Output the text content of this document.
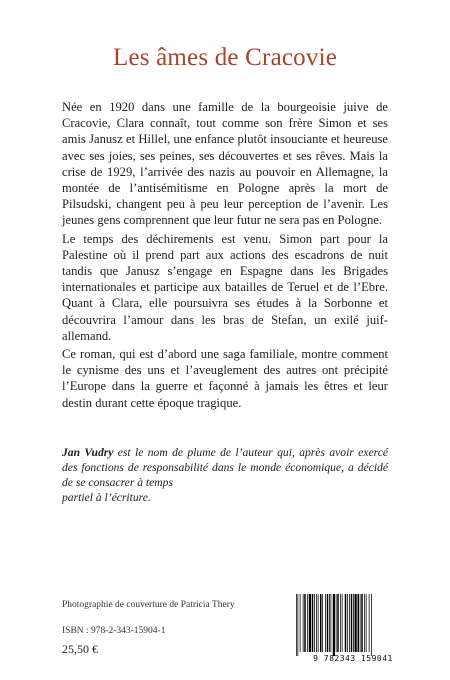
Les âmes de Cracovie

Née en 1920 dans une famille de la bourgeoisie juive de Cracovie, Clara connaît, tout comme son frère Simon et ses amis Janusz et Hillel, une enfance plutôt insouciante et heureuse avec ses joies, ses peines, ses découvertes et ses rêves. Mais la crise de 1929, l’arrivée des nazis au pouvoir en Allemagne, la montée de l’antisémitisme en Pologne après la mort de Pilsudski, changent peu à peu leur perception de l’avenir. Les jeunes gens comprennent que leur futur ne sera pas en Pologne.

Le temps des déchirements est venu. Simon part pour la Palestine où il prend part aux actions des escadrons de nuit tandis que Janusz s’engage en Espagne dans les Brigades internationales et participe aux batailles de Teruel et de l’Ebre. Quant à Clara, elle poursuivra ses études à la Sorbonne et découvrira l’amour dans les bras de Stefan, un exilé juif-allemand.

Ce roman, qui est d’abord une saga familiale, montre comment le cynisme des uns et l’aveuglement des autres ont précipité l’Europe dans la guerre et façonné à jamais les êtres et leur destin durant cette époque tragique.

Jan Vudry est le nom de plume de l’auteur qui, après avoir exercé des fonctions de responsabilité dans le monde économique, a décidé de se consacrer à temps
partiel à l’écriture.
Photographie de couverture de Patricia Thery
ISBN : 978-2-343-15904-1
25,50 €
9 782343 159041
